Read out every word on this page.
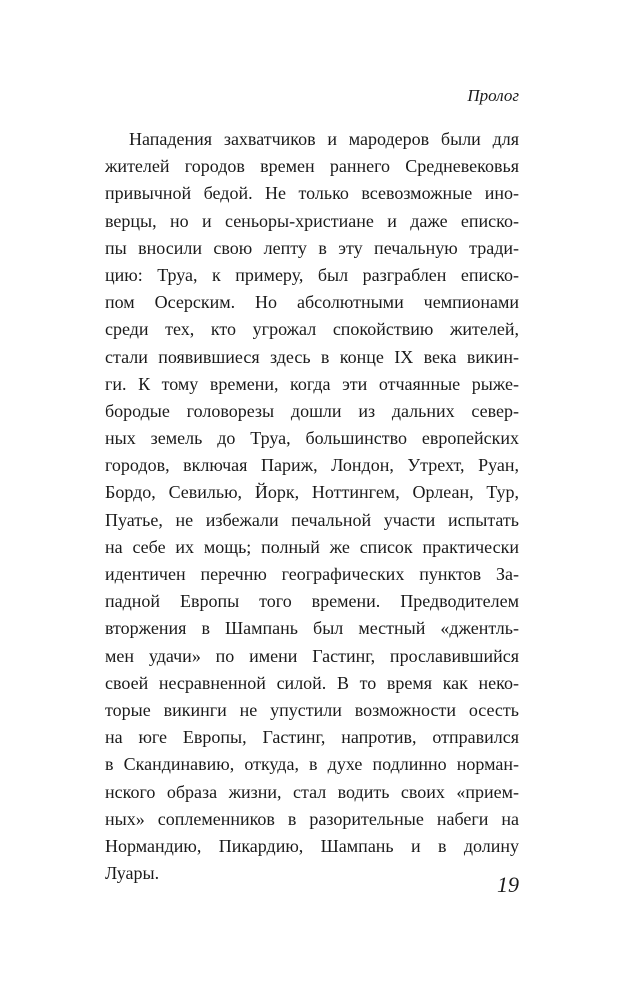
Пролог
Нападения захватчиков и мародеров были для
жителей городов времен раннего Средневековья
привычной бедой. Не только всевозможные ино-
верцы, но и сеньоры-христиане и даже еписко-
пы вносили свою лепту в эту печальную тради-
цию: Труа, к примеру, был разграблен еписко-
пом Осерским. Но абсолютными чемпионами
среди тех, кто угрожал спокойствию жителей,
стали появившиеся здесь в конце IX века викин-
ги. К тому времени, когда эти отчаянные рыже-
бородые головорезы дошли из дальних север-
ных земель до Труа, большинство европейских
городов, включая Париж, Лондон, Утрехт, Руан,
Бордо, Севилью, Йорк, Ноттингем, Орлеан, Тур,
Пуатье, не избежали печальной участи испытать
на себе их мощь; полный же список практически
идентичен перечню географических пунктов За-
падной Европы того времени. Предводителем
вторжения в Шампань был местный «джентль-
мен удачи» по имени Гастинг, прославившийся
своей несравненной силой. В то время как неко-
торые викинги не упустили возможности осесть
на юге Европы, Гастинг, напротив, отправился
в Скандинавию, откуда, в духе подлинно норман-
нского образа жизни, стал водить своих «прием-
ных» соплеменников в разорительные набеги на
Нормандию, Пикардию, Шампань и в долину
Луары.	19
